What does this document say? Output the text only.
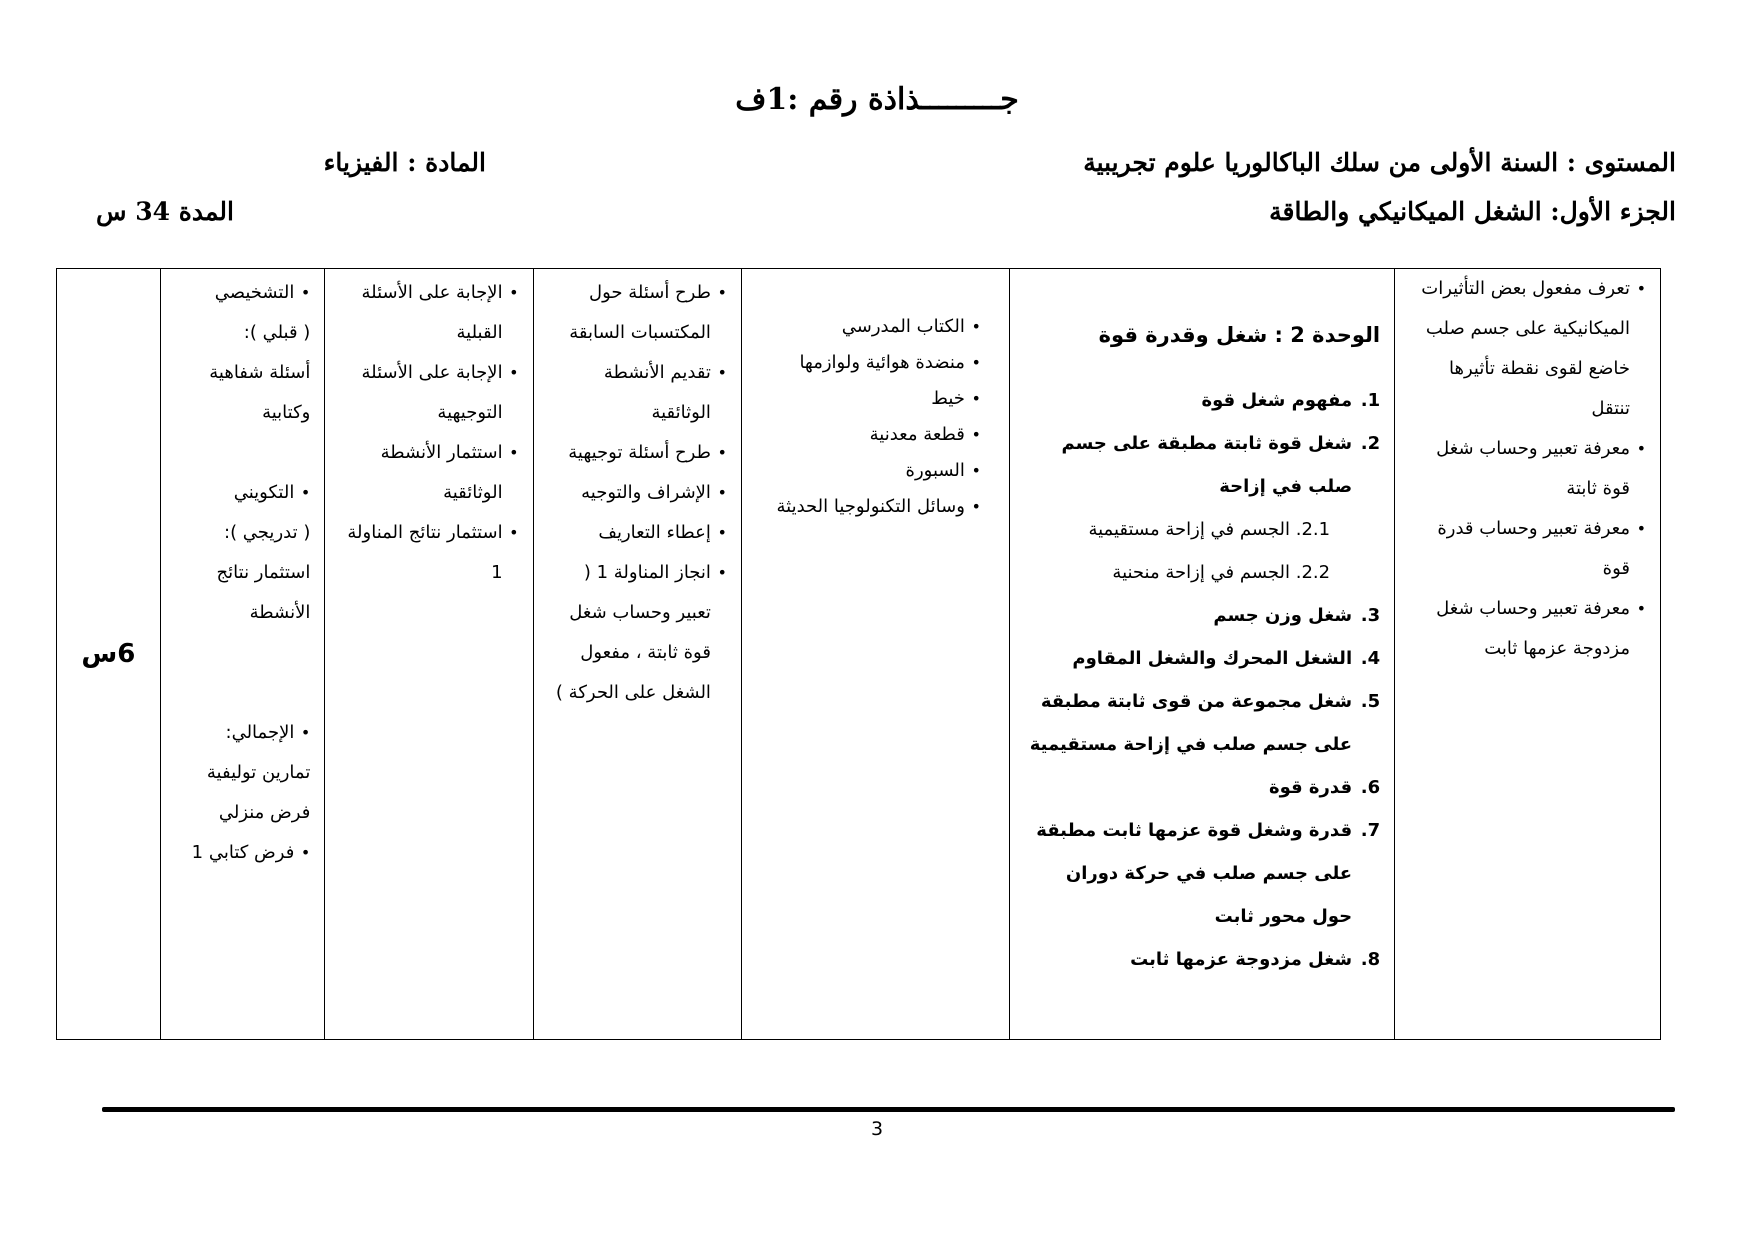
جـــــــــذاذة رقم :1ف
المستوى : السنة الأولى من سلك الباكالوريا علوم تجريبية
المادة : الفيزياء
الجزء الأول: الشغل الميكانيكي والطاقة
المدة 34 س
• تعرف مفعول بعض التأثيرات الميكانيكية على جسم صلب خاضع لقوى نقطة تأثيرها تنتقل
• معرفة تعبير وحساب شغل قوة ثابتة
• معرفة تعبير وحساب قدرة قوة
• معرفة تعبير وحساب شغل مزدوجة عزمها ثابت

الوحدة 2 : شغل وقدرة قوة
1.
مفهوم شغل قوة
2.
شغل قوة ثابتة مطبقة على جسم صلب في إزاحة
2.1. الجسم في إزاحة مستقيمية
2.2. الجسم في إزاحة منحنية
3.
شغل وزن جسم
4.
الشغل المحرك والشغل المقاوم
5.
شغل مجموعة من قوى ثابتة مطبقة على جسم صلب في إزاحة مستقيمية
6.
قدرة قوة
7.
قدرة وشغل قوة عزمها ثابت مطبقة على جسم صلب في حركة دوران حول محور ثابت
8.
شغل مزدوجة عزمها ثابت

• الكتاب المدرسي
• منضدة هوائية ولوازمها
• خيط
• قطعة معدنية
• السبورة
• وسائل التكنولوجيا الحديثة

• طرح أسئلة حول المكتسبات السابقة
• تقديم الأنشطة الوثائقية
• طرح أسئلة توجيهية
• الإشراف والتوجيه
• إعطاء التعاريف
• انجاز المناولة 1 ( تعبير وحساب شغل قوة ثابتة ، مفعول الشغل على الحركة )

• الإجابة على الأسئلة القبلية
• الإجابة على الأسئلة التوجيهية
• استثمار الأنشطة الوثائقية
• استثمار نتائج المناولة 1

• التشخيصي
( قبلي ):
أسئلة شفاهية وكتابية
• التكويني
( تدريجي ):
استثمار نتائج الأنشطة
• الإجمالي:
تمارين توليفية
فرض منزلي
• فرض كتابي 1
	6س
3
